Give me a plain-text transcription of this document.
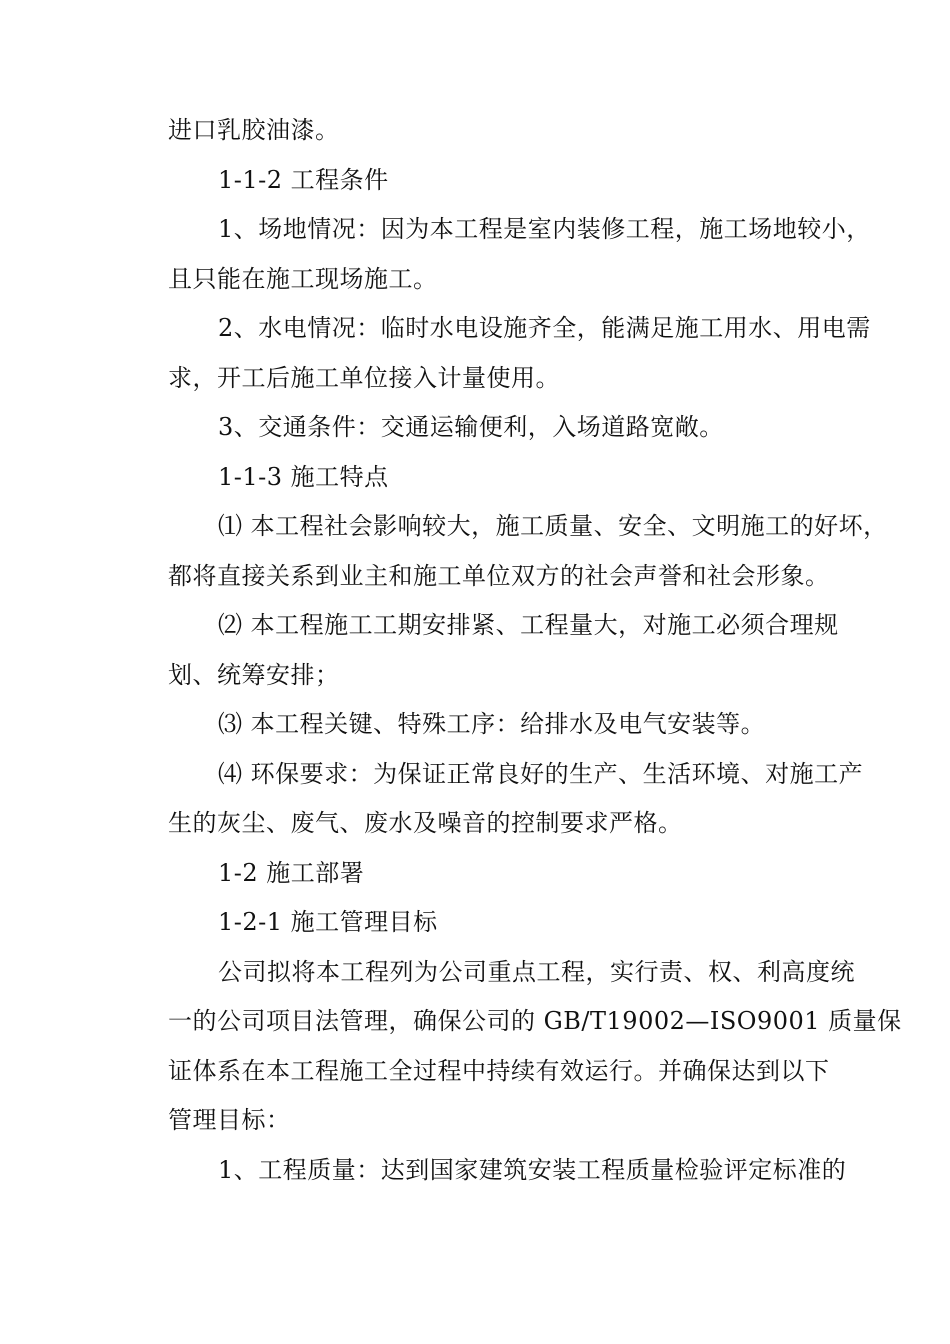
进口乳胶油漆。
1-1-2 工程条件
1、场地情况：因为本工程是室内装修工程，施工场地较小，
且只能在施工现场施工。
2、水电情况：临时水电设施齐全，能满足施工用水、用电需
求，开工后施工单位接入计量使用。
3、交通条件：交通运输便利，入场道路宽敞。
1-1-3 施工特点
⑴ 本工程社会影响较大，施工质量、安全、文明施工的好坏，
都将直接关系到业主和施工单位双方的社会声誉和社会形象。
⑵ 本工程施工工期安排紧、工程量大，对施工必须合理规
划、统筹安排；
⑶ 本工程关键、特殊工序：给排水及电气安装等。
⑷ 环保要求：为保证正常良好的生产、生活环境、对施工产
生的灰尘、废气、废水及噪音的控制要求严格。
1-2 施工部署
1-2-1 施工管理目标
公司拟将本工程列为公司重点工程，实行责、权、利高度统
一的公司项目法管理，确保公司的 GB/T19002—ISO9001 质量保
证体系在本工程施工全过程中持续有效运行。并确保达到以下
管理目标：
1、工程质量：达到国家建筑安装工程质量检验评定标准的
